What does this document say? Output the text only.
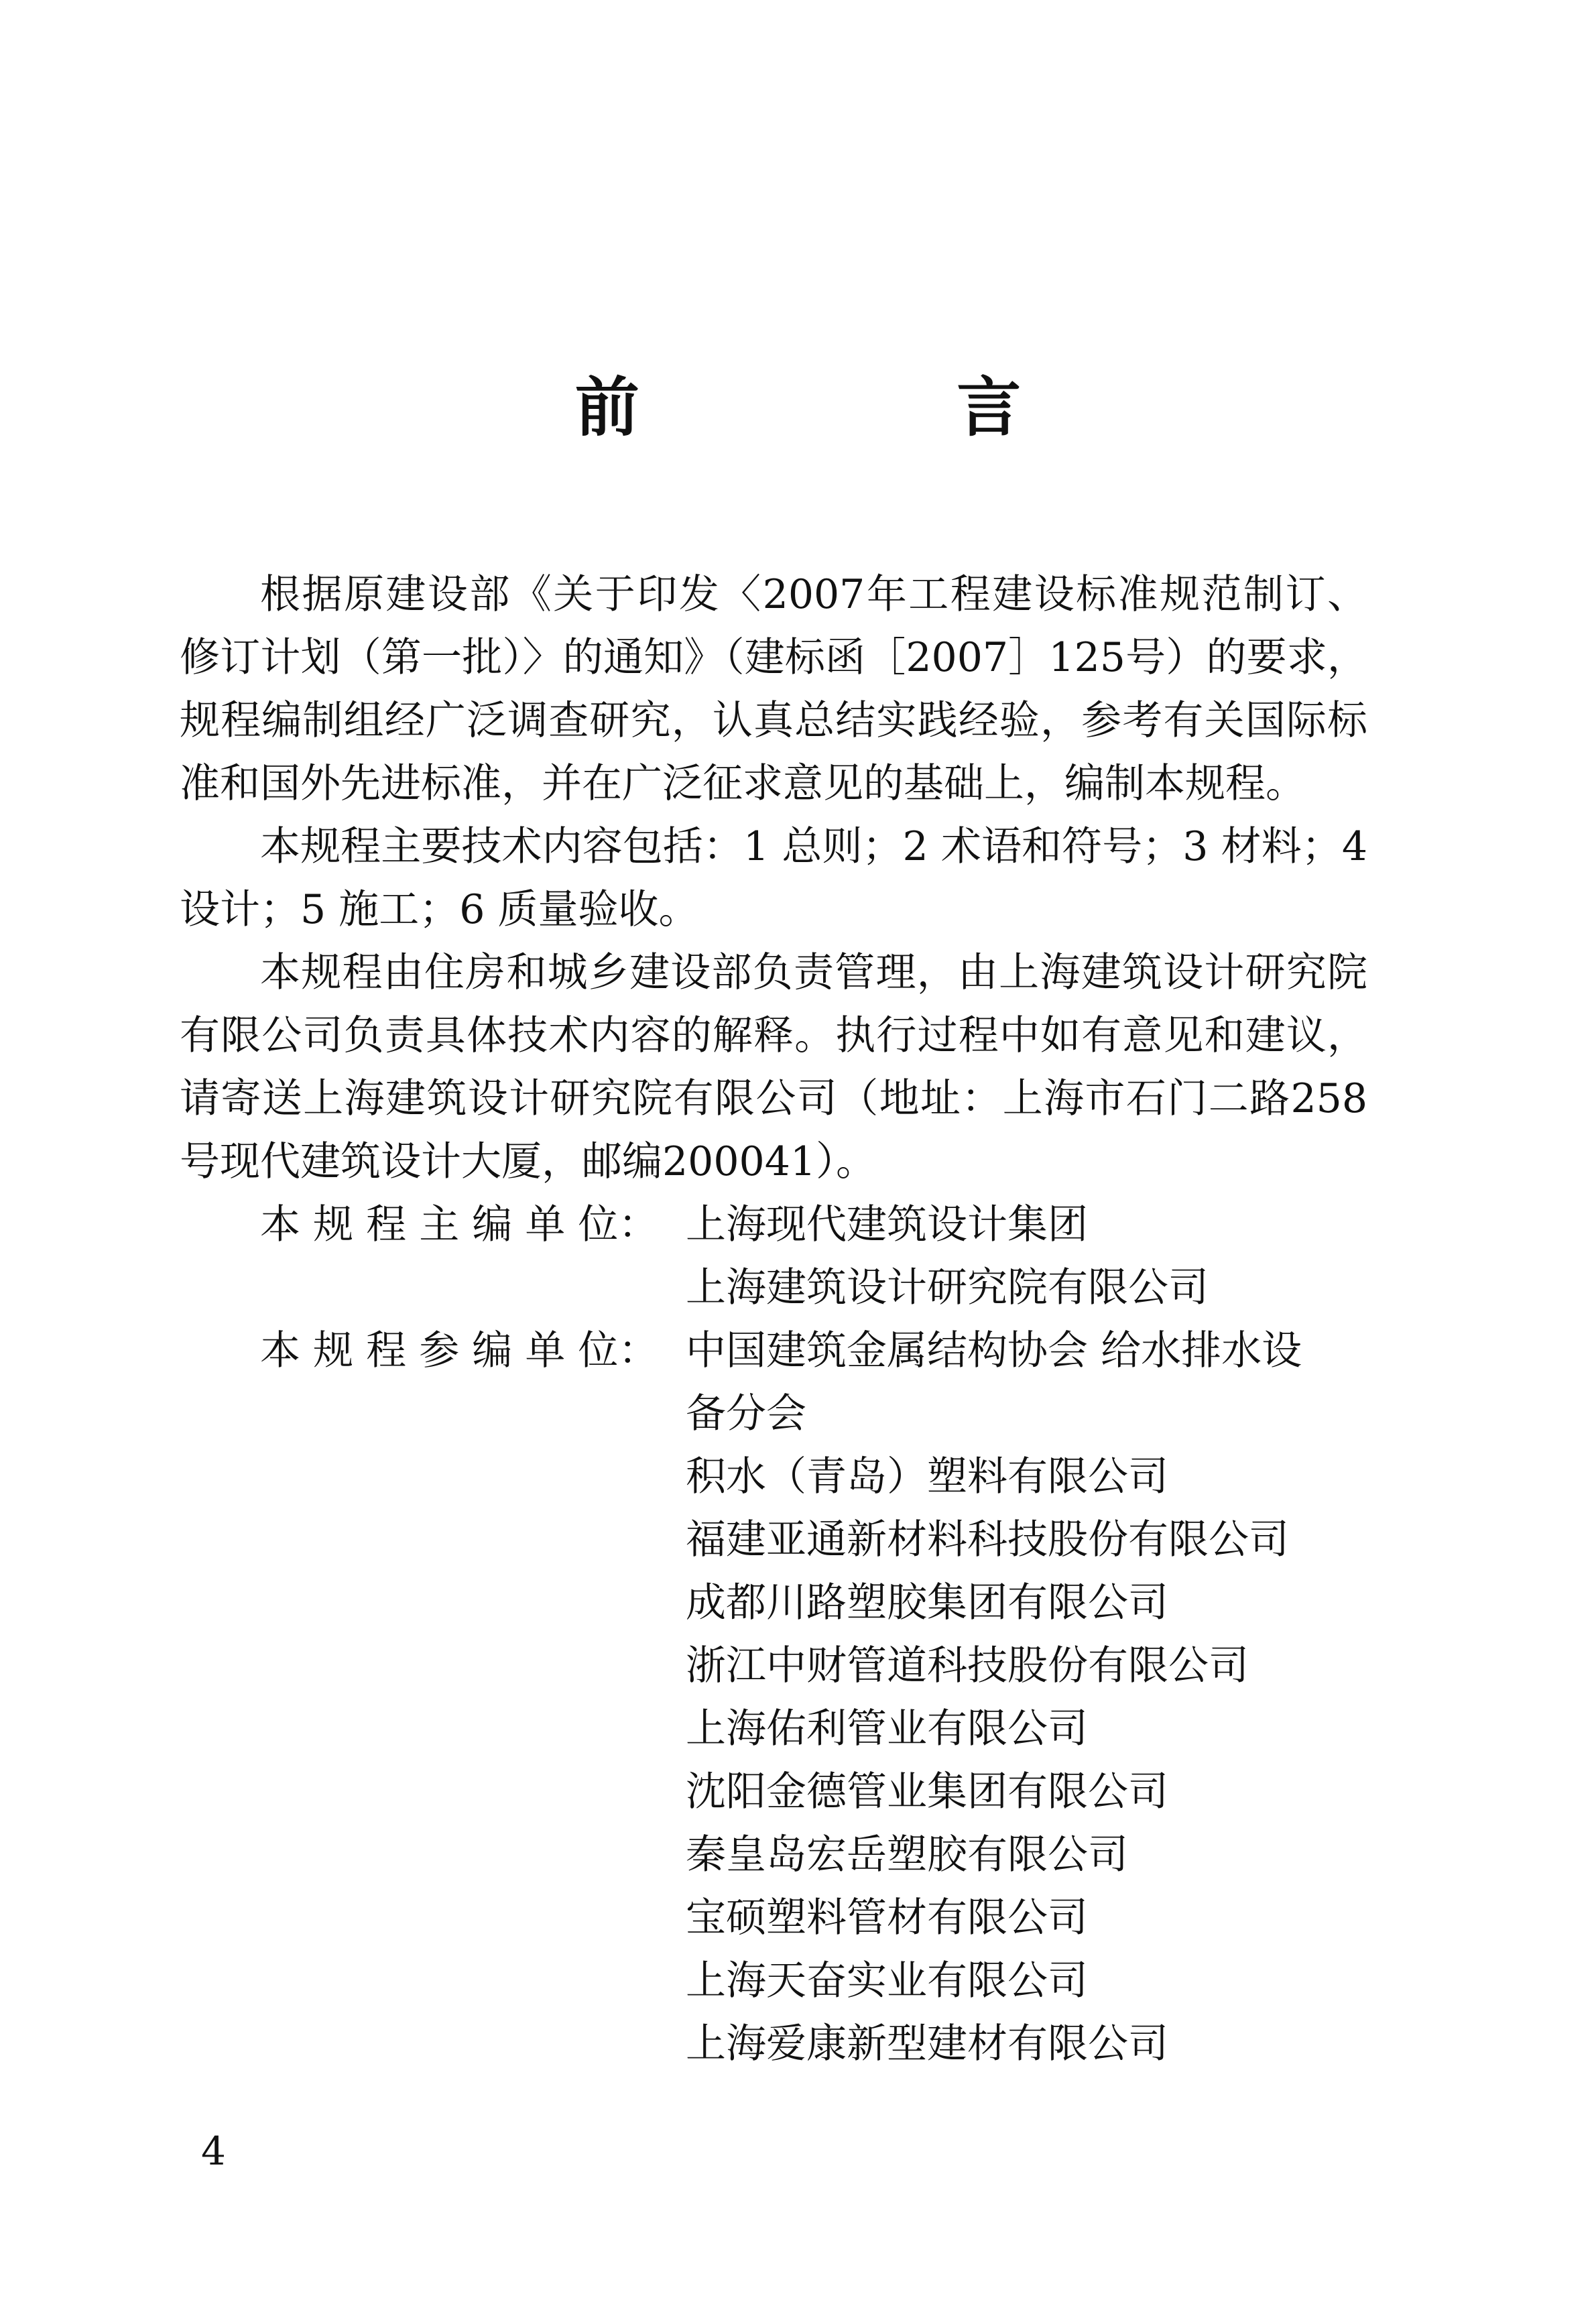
前 言

根据原建设部《关于印发〈2007年工程建设标准规范制订、修订计划（第一批）〉的通知》（建标函［2007］125号）的要求，规程编制组经广泛调查研究，认真总结实践经验，参考有关国际标准和国外先进标准，并在广泛征求意见的基础上，编制本规程。

本规程主要技术内容包括：1 总则；2 术语和符号；3 材料；4 设计；5 施工；6 质量验收。

本规程由住房和城乡建设部负责管理，由上海建筑设计研究院有限公司负责具体技术内容的解释。执行过程中如有意见和建议，请寄送上海建筑设计研究院有限公司（地址：上海市石门二路258号现代建筑设计大厦，邮编200041）。

本 规 程 主 编 单 位： 上海现代建筑设计集团
上海建筑设计研究院有限公司
本 规 程 参 编 单 位： 中国建筑金属结构协会 给水排水设
备分会
积水（青岛）塑料有限公司
福建亚通新材料科技股份有限公司
成都川路塑胶集团有限公司
浙江中财管道科技股份有限公司
上海佑利管业有限公司
沈阳金德管业集团有限公司
秦皇岛宏岳塑胶有限公司
宝硕塑料管材有限公司
上海天奋实业有限公司
上海爱康新型建材有限公司
4
